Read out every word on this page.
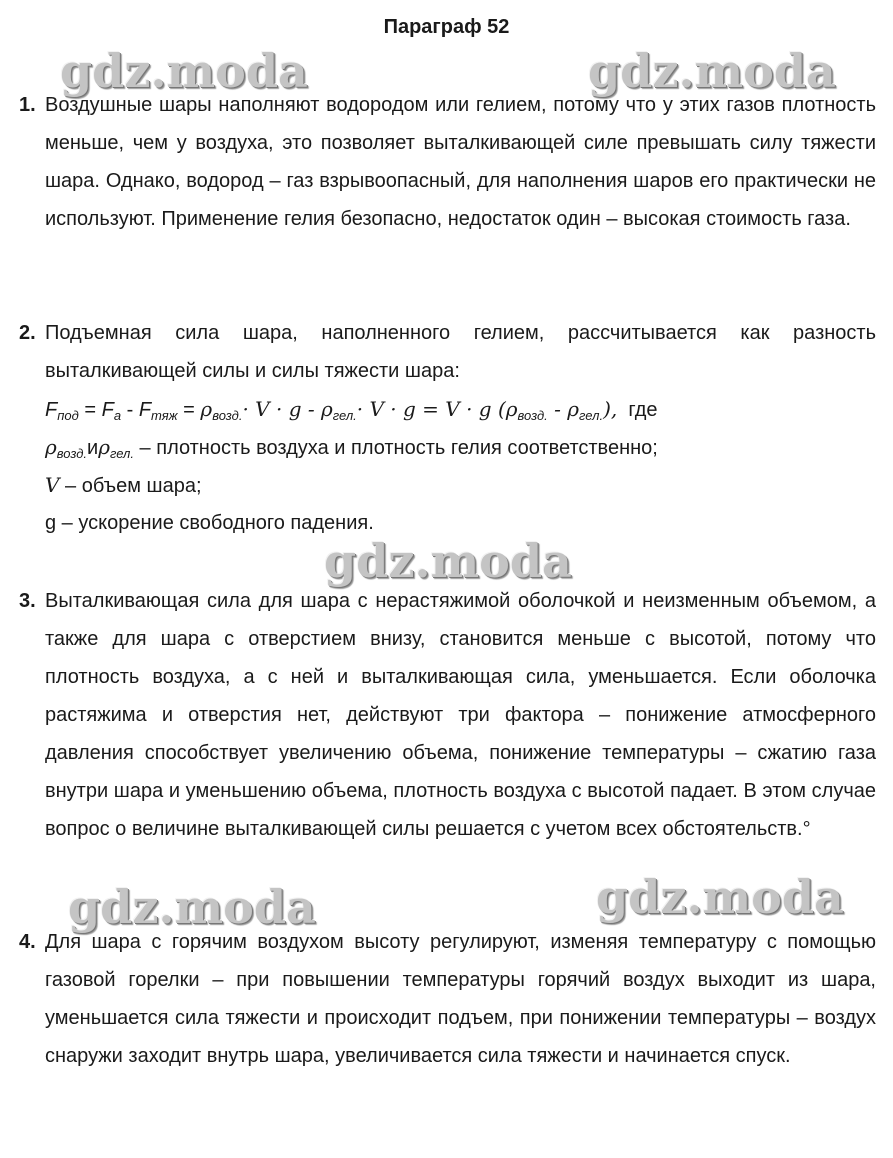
Параграф 52
gdz.moda	gdz.moda
gdz.moda
gdz.moda
gdz.moda
1. Воздушные шары наполняют водородом или гелием, потому что у этих газов плотность меньше, чем у воздуха, это позволяет выталкивающей силе превышать силу тяжести шара. Однако, водород – газ взрывоопасный, для наполнения шаров его практически не используют. Применение гелия безопасно, недостаток один – высокая стоимость газа.
2. Подъемная сила шара, наполненного гелием, рассчитывается как разность выталкивающей силы и силы тяжести шара:
$F_{под} = F_а - F_{тяж} = \rho_{возд.}\cdot V \cdot g - \rho_{гел.}\cdot V \cdot g = V \cdot g$ $(\rho_{возд.} - \rho_{гел.})$, где
$\rho_{возд.}и\rho_{гел.}$ – плотность воздуха и плотность гелия соответственно;
V – объем шара;
g – ускорение свободного падения.
3. Выталкивающая сила для шара с нерастяжимой оболочкой и неизменным объемом, а также для шара с отверстием внизу, становится меньше с высотой, потому что плотность воздуха, а с ней и выталкивающая сила, уменьшается. Если оболочка растяжима и отверстия нет, действуют три фактора – понижение атмосферного давления способствует увеличению объема, понижение температуры – сжатию газа внутри шара и уменьшению объема, плотность воздуха с высотой падает. В этом случае вопрос о величине выталкивающей силы решается с учетом всех обстоятельств.°
4. Для шара с горячим воздухом высоту регулируют, изменяя температуру с помощью газовой горелки – при повышении температуры горячий воздух выходит из шара, уменьшается сила тяжести и происходит подъем, при понижении температуры – воздух снаружи заходит внутрь шара, увеличивается сила тяжести и начинается спуск.
